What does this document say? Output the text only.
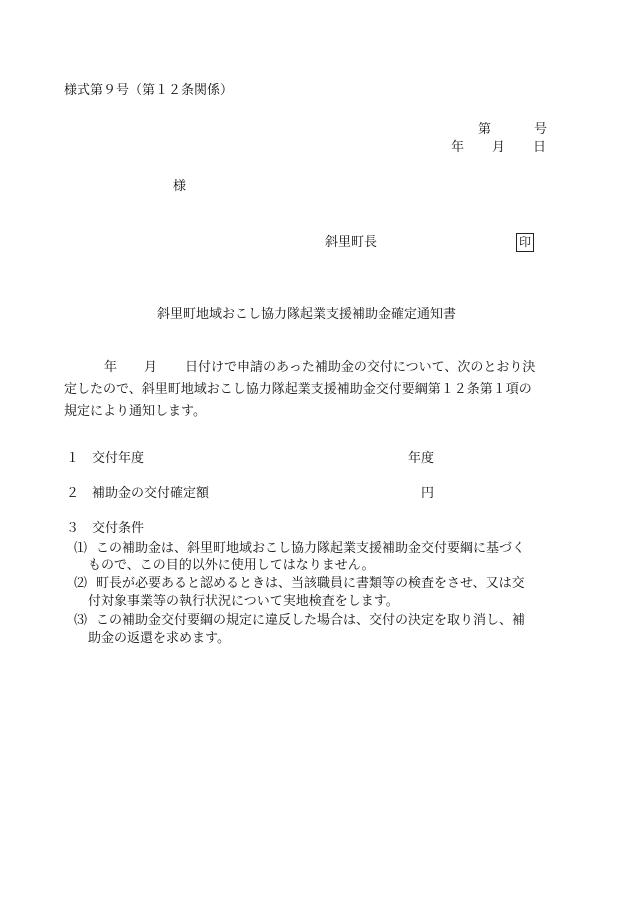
様式第９号（第１２条関係）
第	号
年 月 日
様
斜里町長	印
斜里町地域おこし協力隊起業支援補助金確定通知書
年 月 日付けで申請のあった補助金の交付について、次のとおり決
定したので、斜里町地域おこし協力隊起業支援補助金交付要綱第１２条第１項の
規定により通知します。
１ 交付年度	年度
２ 補助金の交付確定額	円
３ 交付条件
⑴ この補助金は、斜里町地域おこし協力隊起業支援補助金交付要綱に基づく
もので、この目的以外に使用してはなりません。
⑵ 町長が必要あると認めるときは、当該職員に書類等の検査をさせ、又は交
付対象事業等の執行状況について実地検査をします。
⑶ この補助金交付要綱の規定に違反した場合は、交付の決定を取り消し、補
助金の返還を求めます。
